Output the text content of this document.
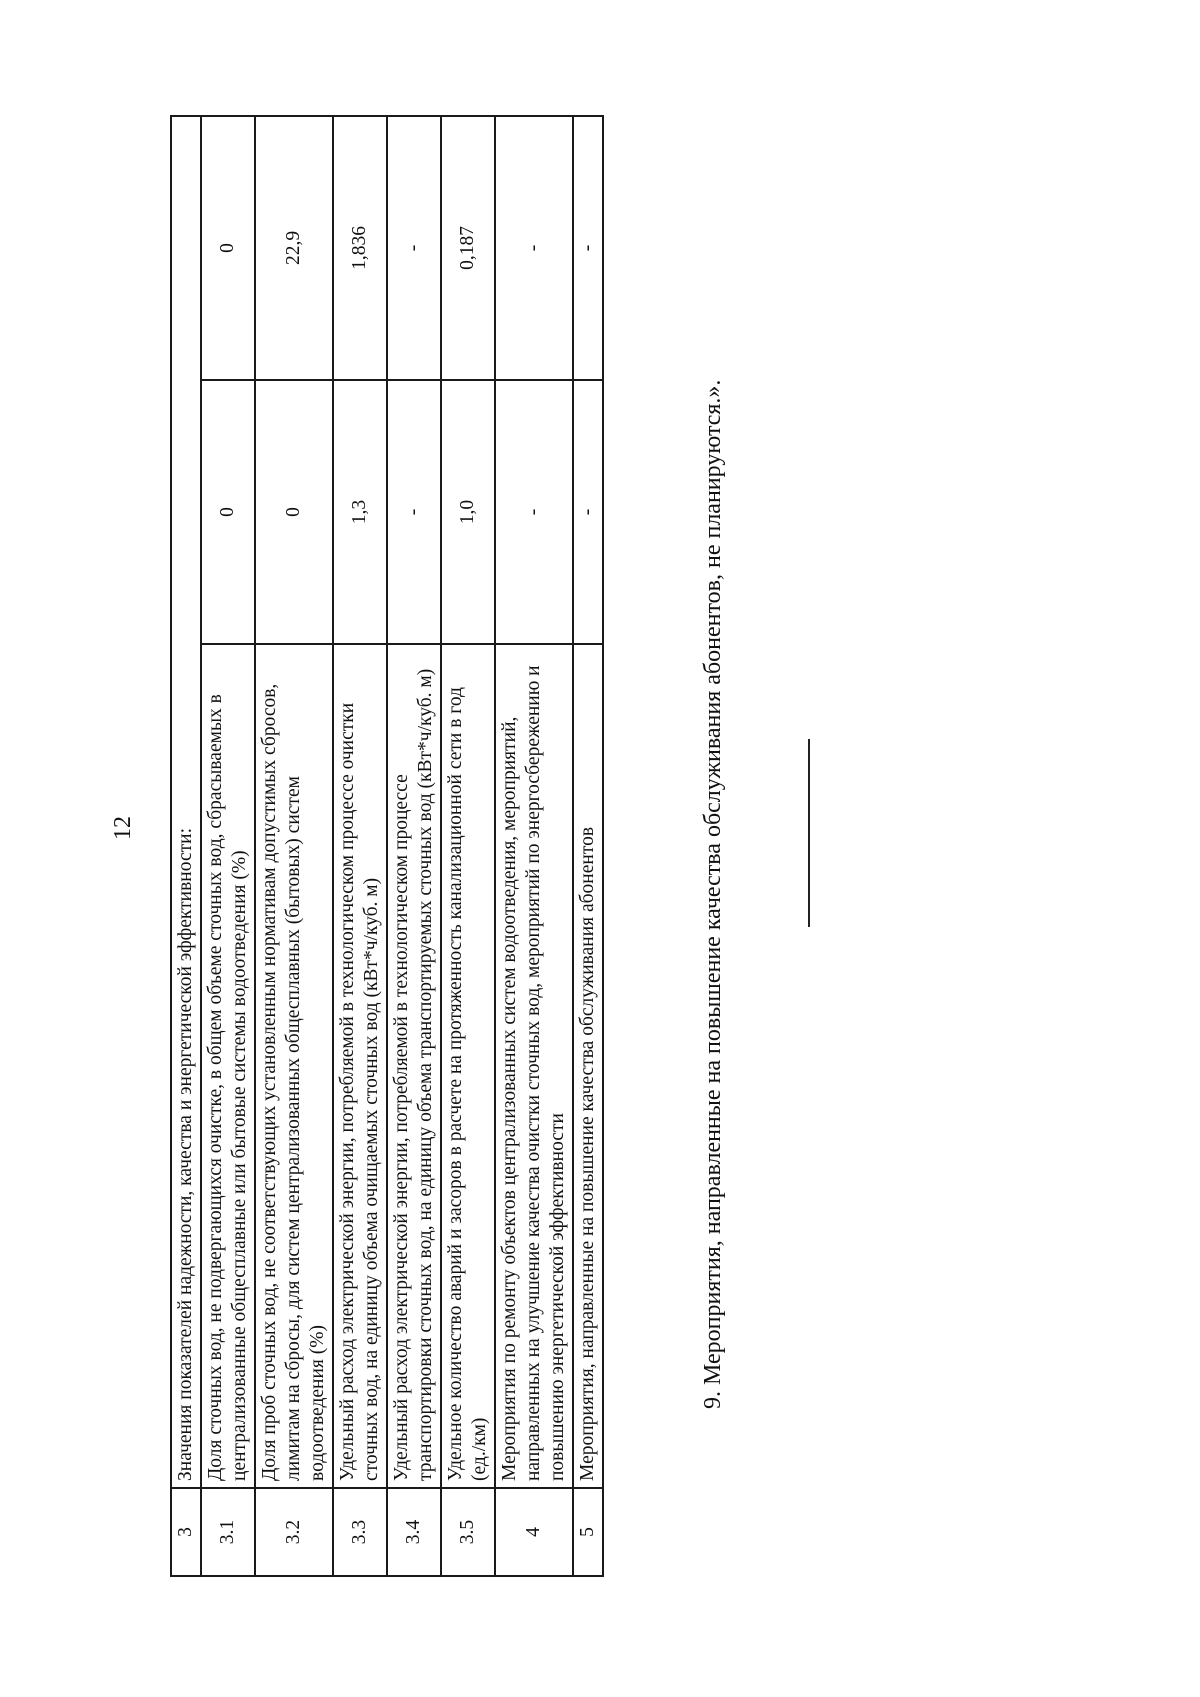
12
3	Значения показателей надежности, качества и энергетической эффективности:		
3.1	Доля сточных вод, не подвергающихся очистке, в общем объеме сточных вод, сбрасываемых в централизованные общесплавные или бытовые системы водоотведения (%)	0	0
3.2	Доля проб сточных вод, не соответствующих установленным нормативам допустимых сбросов, лимитам на сбросы, для систем централизованных общесплавных (бытовых) систем водоотведения (%)	0	22,9
3.3	Удельный расход электрической энергии, потребляемой в технологическом процессе очистки сточных вод, на единицу объема очищаемых сточных вод (кВт*ч/куб. м)	1,3	1,836
3.4	Удельный расход электрической энергии, потребляемой в технологическом процессе транспортировки сточных вод, на единицу объема транспортируемых сточных вод (кВт*ч/куб. м)	-	-
3.5	Удельное количество аварий и засоров в расчете на протяженность канализационной сети в год (ед./км)	1,0	0,187
4	Мероприятия по ремонту объектов централизованных систем водоотведения, мероприятий, направленных на улучшение качества очистки сточных вод, мероприятий по энергосбережению и повышению энергетической эффективности	-	-
5	Мероприятия, направленные на повышение качества обслуживания абонентов	-	-
9. Мероприятия, направленные на повышение качества обслуживания абонентов, не планируются.».
